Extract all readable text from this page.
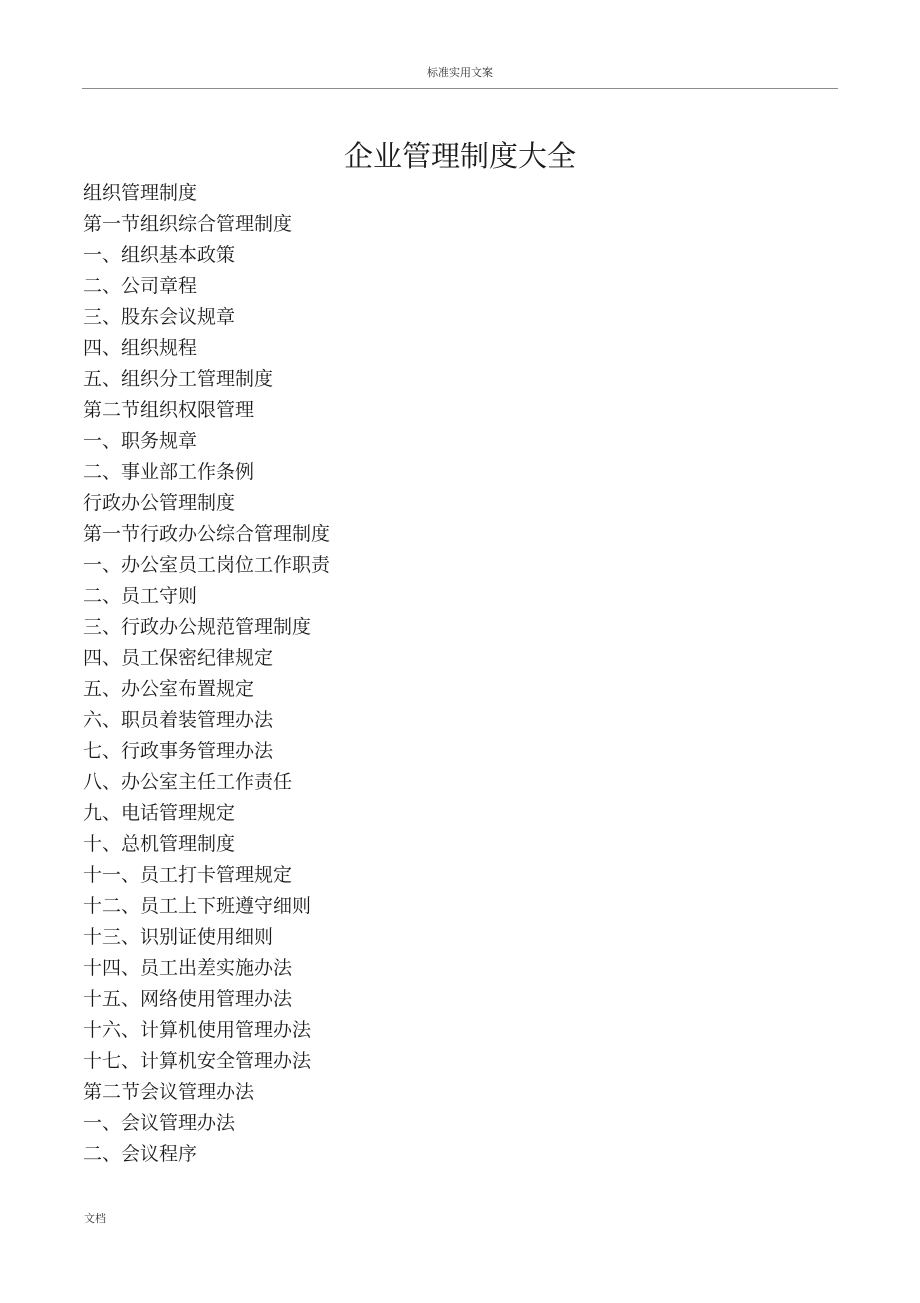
标准实用文案
企业管理制度大全
组织管理制度
第一节组织综合管理制度
一、组织基本政策
二、公司章程
三、股东会议规章
四、组织规程
五、组织分工管理制度
第二节组织权限管理
一、职务规章
二、事业部工作条例
行政办公管理制度
第一节行政办公综合管理制度
一、办公室员工岗位工作职责
二、员工守则
三、行政办公规范管理制度
四、员工保密纪律规定
五、办公室布置规定
六、职员着装管理办法
七、行政事务管理办法
八、办公室主任工作责任
九、电话管理规定
十、总机管理制度
十一、员工打卡管理规定
十二、员工上下班遵守细则
十三、识别证使用细则
十四、员工出差实施办法
十五、网络使用管理办法
十六、计算机使用管理办法
十七、计算机安全管理办法
第二节会议管理办法
一、会议管理办法
二、会议程序
文档
